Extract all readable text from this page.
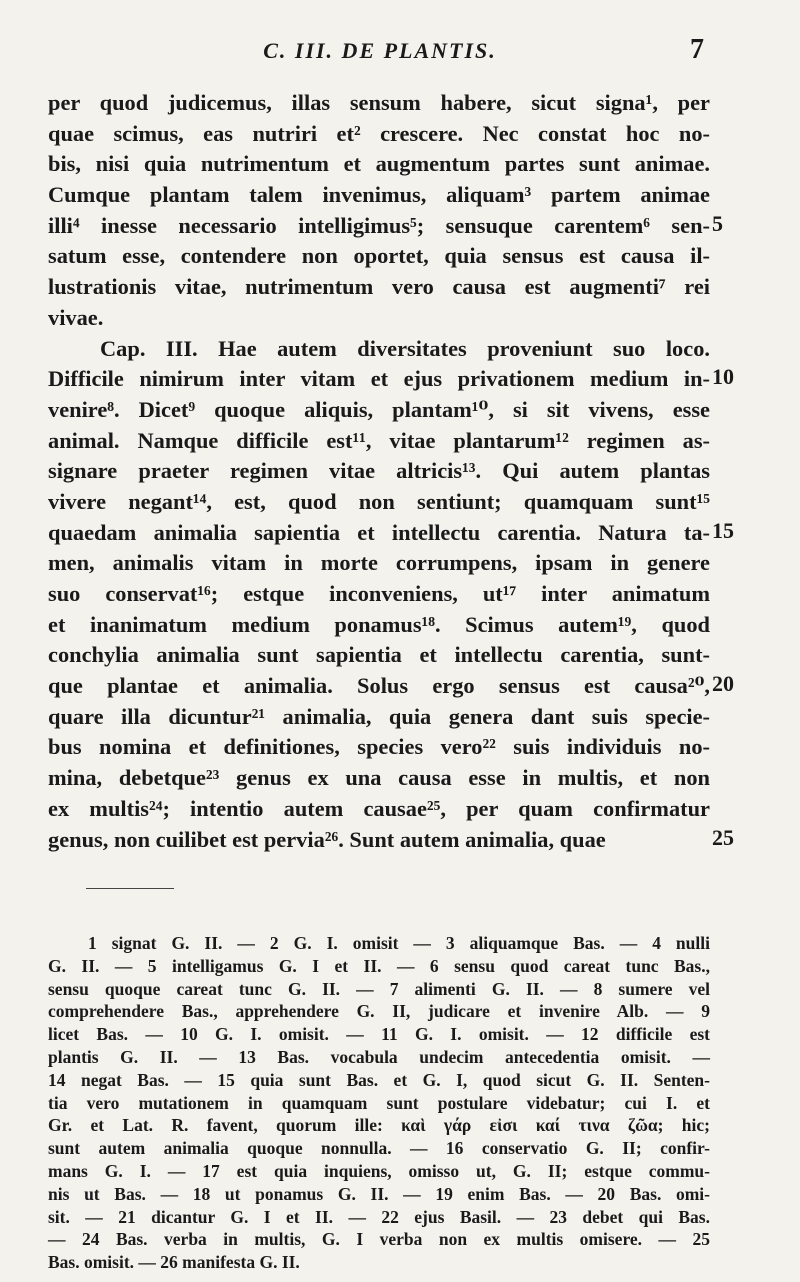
C. III. DE PLANTIS.	7
per quod judicemus, illas sensum habere, sicut signa¹, per
quae scimus, eas nutriri et² crescere. Nec constat hoc no-
bis, nisi quia nutrimentum et augmentum partes sunt animae.
Cumque plantam talem invenimus, aliquam³ partem animae
illi⁴ inesse necessario intelligimus⁵; sensuque carentem⁶ sen-
satum esse, contendere non oportet, quia sensus est causa il-
lustrationis vitae, nutrimentum vero causa est augmenti⁷ rei
vivae.
Cap. III. Hae autem diversitates proveniunt suo loco.
Difficile nimirum inter vitam et ejus privationem medium in-
venire⁸. Dicet⁹ quoque aliquis, plantam¹⁰, si sit vivens, esse
animal. Namque difficile est¹¹, vitae plantarum¹² regimen as-
signare praeter regimen vitae altricis¹³. Qui autem plantas
vivere negant¹⁴, est, quod non sentiunt; quamquam sunt¹⁵
quaedam animalia sapientia et intellectu carentia. Natura ta-
men, animalis vitam in morte corrumpens, ipsam in genere
suo conservat¹⁶; estque inconveniens, ut¹⁷ inter animatum
et inanimatum medium ponamus¹⁸. Scimus autem¹⁹, quod
conchylia animalia sunt sapientia et intellectu carentia, sunt-
que plantae et animalia. Solus ergo sensus est causa²⁰,
quare illa dicuntur²¹ animalia, quia genera dant suis specie-
bus nomina et definitiones, species vero²² suis individuis no-
mina, debetque²³ genus ex una causa esse in multis, et non
ex multis²⁴; intentio autem causae²⁵, per quam confirmatur
genus, non cuilibet est pervia²⁶. Sunt autem animalia, quae
5
10
15
20
25
1 signat G. II. — 2 G. I. omisit — 3 aliquamque Bas. — 4 nulli
G. II. — 5 intelligamus G. I et II. — 6 sensu quod careat tunc Bas.,
sensu quoque careat tunc G. II. — 7 alimenti G. II. — 8 sumere vel
comprehendere Bas., apprehendere G. II, judicare et invenire Alb. — 9
licet Bas. — 10 G. I. omisit. — 11 G. I. omisit. — 12 difficile est
plantis G. II. — 13 Bas. vocabula undecim antecedentia omisit. —
14 negat Bas. — 15 quia sunt Bas. et G. I, quod sicut G. II. Senten-
tia vero mutationem in quamquam sunt postulare videbatur; cui I. et
Gr. et Lat. R. favent, quorum ille: καὶ γάρ εἰσι καί τινα ζῶα; hic;
sunt autem animalia quoque nonnulla. — 16 conservatio G. II; confir-
mans G. I. — 17 est quia inquiens, omisso ut, G. II; estque commu-
nis ut Bas. — 18 ut ponamus G. II. — 19 enim Bas. — 20 Bas. omi-
sit. — 21 dicantur G. I et II. — 22 ejus Basil. — 23 debet qui Bas.
— 24 Bas. verba in multis, G. I verba non ex multis omisere. — 25
Bas. omisit. — 26 manifesta G. II.
